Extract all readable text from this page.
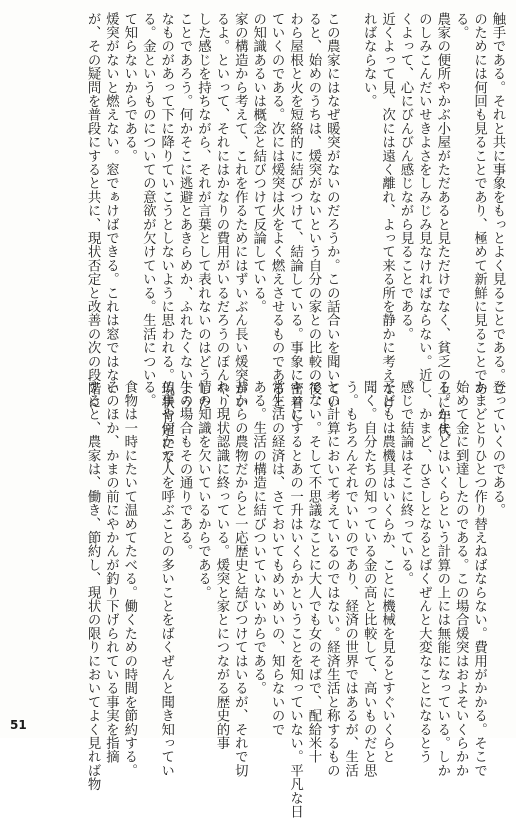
触手である。それと共に事象をもっとよく見ることである。こ
のためには何回も見ることであり、極めて新鮮に見ることであ
る。
農家の便所やかぶ小屋がただあると見ただけでなく、貧乏の上に年代
のしみこんだいせきよさをしみじみ見なければならない。近
くよって、心にびんびん感じながら見ることである。
近くよって見、次には遠く離れ、よって来る所を静かに考えなけ
ればならない。

この農家にはなぜ暖突がないのだろうか。この話合いを聞いてい
ると、始めのうちは、煖突がないという自分の家との比較の後、
わら屋根と火を短絡的に結びつけて、結論している。事象に密着し
ていくのである。次には煖突は火をよく燃えさせるものであると
の知識あるいは概念と結びつけて反論している。
家の構造から考えて、これを作るためにはずいぶん長い煖突がい
るよ。といって、それにはかなりの費用がいるだろうのぼんやり
した感じを持ちながら、それが言葉として表れないのはどうした
ことであろう。何かそこに逃避とあきらめか、ふれたくないよう
なものがあって下に降りていこうとしないように思われる。現状肯定にな
る。金というものについての意欲が欠けている。生活につい
て知らないからである。
煖突がないと燃えない。窓でぁけばできる。これは窓ではない
が、その疑問を普段にすると共に、現状否定と改善の次の段階に
登っていくのである。
かまどとりひとつ作り替えねばならない。費用がかかる。そこで
始めて金に到達したのである。この場合煖突はおよそいくらかか
る。かまどはいくらという計算の上には無能になっている。しか
し、かまど、ひさしとなるとばくぜんと大変なことになるとう
感じで結論はそこに終っている。
子どもは農機具はいくらか、ことに機械を見るとすぐいくらと
聞く。自分たちの知っている金の高と比較して、高いものだと思
う。もちろんそれでいいのであり、経済の世界ではあるが、生活
との計算において考えているのではない。経済生活と称するもの
でない。そして不思議なことに大人でも女のそばで、配給米十
キロにするとあの一升はいくらかということを知っていない。平凡な日
常生活の経済は、さておいてもめいめいの、知らないので
ある。生活の構造に結びついていないからである。
昔からの農物だからと一応歴史と結びつけてはいるが、それで切
れ、現状認識に終っている。煖突と家とにつながる歴史的事
情の知識を欠いているからである。
牛の場合もその通りである。
仏事や何かで人を呼ぶことの多いことをばくぜんと聞き知ってい
る。
食物は一時にたいて温めてたべる。働くための時間を節約する。
そのほか、かまの前にやかんが釣り下げられている事実を指摘
すると、農家は、働き、節約し、現状の限りにおいてよく見れば物
51
